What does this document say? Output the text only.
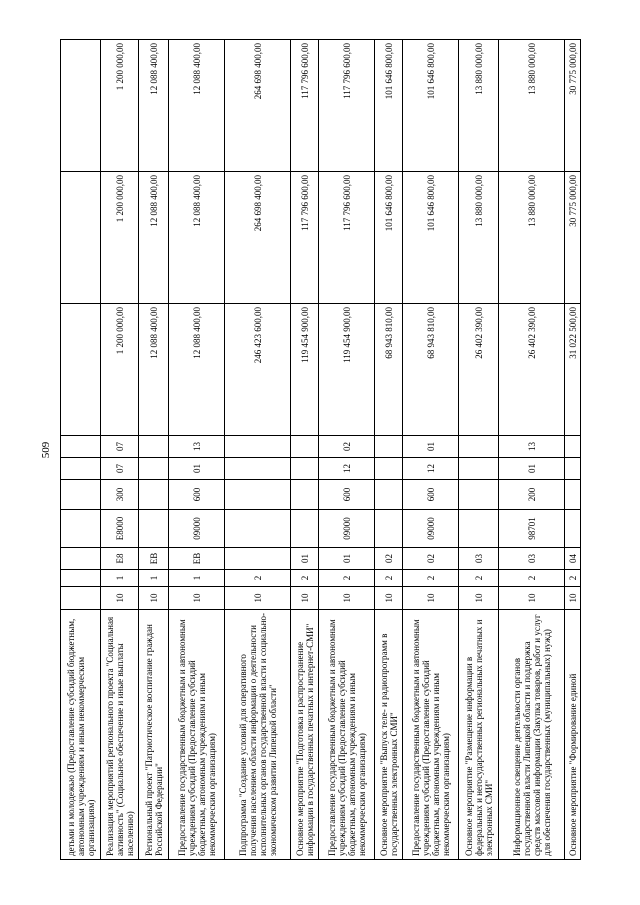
509
детьми и молодежью (Предоставление субсидий бюджетным, автономным учреждениям и иным некоммерческим организациям)										
Реализация мероприятий регионального проекта "Социальная активность" (Социальное обеспечение и иные выплаты населению)	10	1	Е8	Е8000	300	07	07	1 200 000,00	1 200 000,00	1 200 000,00
Региональный проект "Патриотическое воспитание граждан Российской Федерации"	10	1	ЕВ					12 088 400,00	12 088 400,00	12 088 400,00
Предоставление государственным бюджетным и автономным учреждениям субсидий (Предоставление субсидий бюджетным, автономным учреждениям и иным некоммерческим организациям)	10	1	ЕВ	09000	600	01	13	12 088 400,00	12 088 400,00	12 088 400,00
Подпрограмма "Создание условий для оперативного получения населением области информации о деятельности исполнительных органов государственной власти и социально-экономическом развитии Липецкой области"	10	2						246 423 600,00	264 698 400,00	264 698 400,00
Основное мероприятие "Подготовка и распространение информации в государственных печатных и интернет-СМИ"	10	2	01					119 454 900,00	117 796 600,00	117 796 600,00
Предоставление государственным бюджетным и автономным учреждениям субсидий (Предоставление субсидий бюджетным, автономным учреждениям и иным некоммерческим организациям)	10	2	01	09000	600	12	02	119 454 900,00	117 796 600,00	117 796 600,00
Основное мероприятие "Выпуск теле- и радиопрограмм в государственных электронных СМИ"	10	2	02					68 943 810,00	101 646 800,00	101 646 800,00
Предоставление государственным бюджетным и автономным учреждениям субсидий (Предоставление субсидий бюджетным, автономным учреждениям и иным некоммерческим организациям)	10	2	02	09000	600	12	01	68 943 810,00	101 646 800,00	101 646 800,00
Основное мероприятие "Размещение информации в федеральных и негосударственных региональных печатных и электронных СМИ"	10	2	03					26 402 390,00	13 880 000,00	13 880 000,00
Информационное освещение деятельности органов государственной власти Липецкой области и поддержка средств массовой информации (Закупка товаров, работ и услуг для обеспечения государственных (муниципальных) нужд)	10	2	03	98701	200	01	13	26 402 390,00	13 880 000,00	13 880 000,00
Основное мероприятие "Формирование единой	10	2	04					31 022 500,00	30 775 000,00	30 775 000,00
